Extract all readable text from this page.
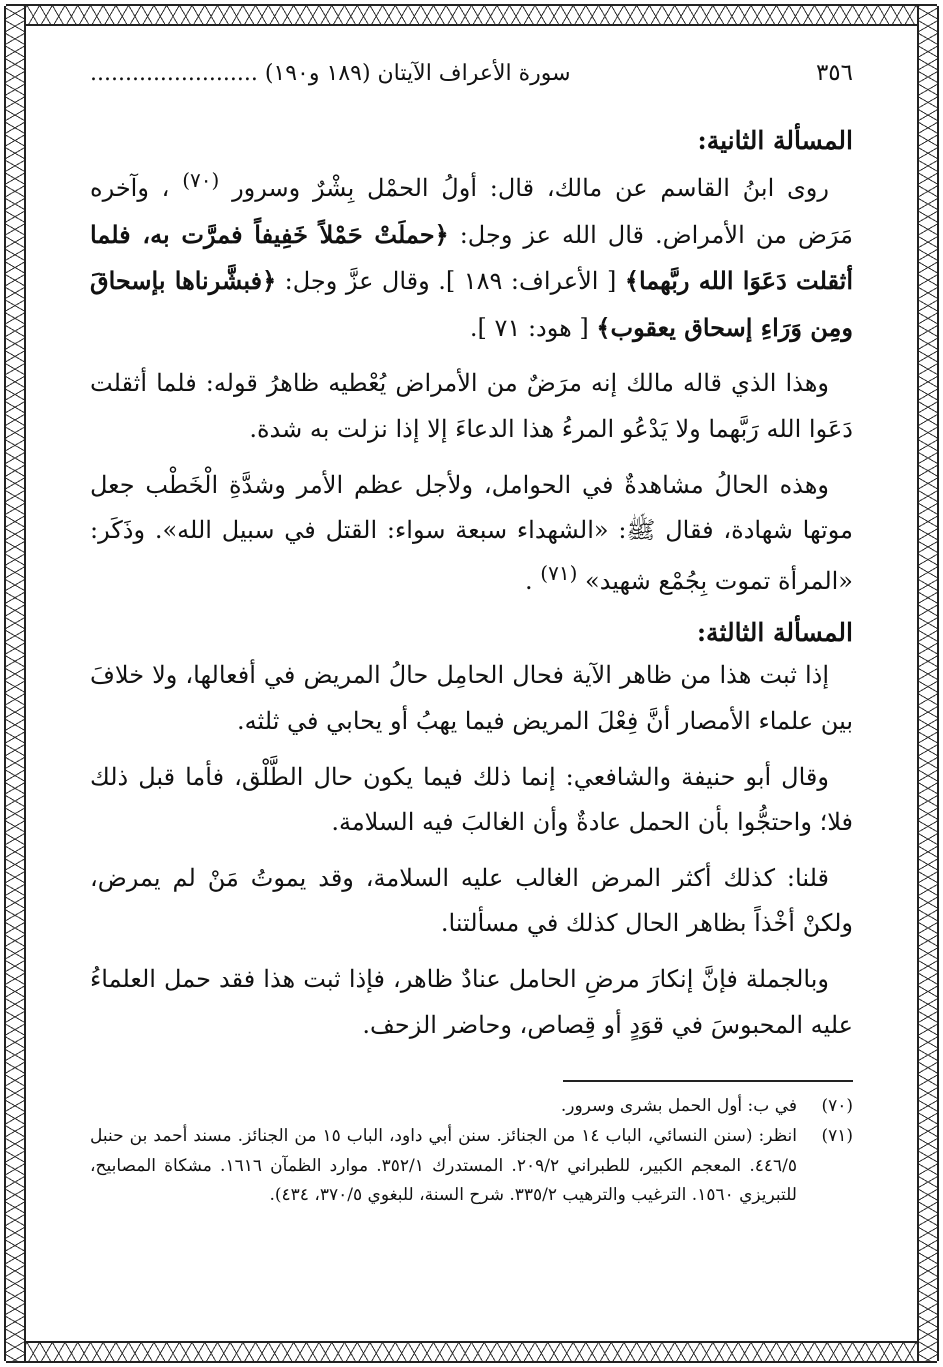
٣٥٦
سورة الأعراف الآيتان (١٨٩ و١٩٠) ........................
المسألة الثانية:

روى ابنُ القاسم عن مالك، قال: أولُ الحمْل بِشْرٌ وسرور $^{(٧٠)}$ ، وآخره مَرَض من الأمراض. قال الله عز وجل: ﴿حملَتْ حَمْلاً خَفِيفاً فمرَّت به، فلما أثقلت دَعَوَا الله ربَّهما﴾ [ الأعراف: ١٨٩ ]. وقال عزَّ وجل: ﴿فبشَّرناها بإسحاقَ ومِن وَرَاءِ إسحاق يعقوب﴾ [ هود: ٧١ ].

وهذا الذي قاله مالك إنه مرَضٌ من الأمراض يُعْطيه ظاهرُ قوله: فلما أثقلت دَعَوا الله رَبَّهما ولا يَدْعُو المرءُ هذا الدعاءَ إلا إذا نزلت به شدة.

وهذه الحالُ مشاهدةٌ في الحوامل، ولأجل عظم الأمر وشدَّةِ الْخَطْب جعل موتها شهادة، فقال ﷺ: «الشهداء سبعة سواء: القتل في سبيل الله». وذَكَر: «المرأة تموت بِجُمْع شهيد» $^{(٧١)}$ .

المسألة الثالثة:

إذا ثبت هذا من ظاهر الآية فحال الحامِل حالُ المريض في أفعالها، ولا خلافَ بين علماء الأمصار أنَّ فِعْلَ المريض فيما يهبُ أو يحابي في ثلثه.

وقال أبو حنيفة والشافعي: إنما ذلك فيما يكون حال الطَّلْق، فأما قبل ذلك فلا؛ واحتجُّوا بأن الحمل عادةٌ وأن الغالبَ فيه السلامة.

قلنا: كذلك أكثر المرض الغالب عليه السلامة، وقد يموتُ مَنْ لم يمرض، ولكنْ أخْذاً بظاهر الحال كذلك في مسألتنا.

وبالجملة فإنَّ إنكارَ مرضِ الحامل عنادٌ ظاهر، فإذا ثبت هذا فقد حمل العلماءُ عليه المحبوسَ في قوَدٍ أو قِصاص، وحاضر الزحف.

(٧٠)
في ب: أول الحمل بشرى وسرور.
(٧١)
انظر: (سنن النسائي، الباب ١٤ من الجنائز. سنن أبي داود، الباب ١٥ من الجنائز. مسند أحمد بن حنبل ٤٤٦/٥. المعجم الكبير، للطبراني ٢٠٩/٢. المستدرك ٣٥٢/١. موارد الظمآن ١٦١٦. مشكاة المصابيح، للتبريزي ١٥٦٠. الترغيب والترهيب ٣٣٥/٢. شرح السنة، للبغوي ٣٧٠/٥، ٤٣٤).
